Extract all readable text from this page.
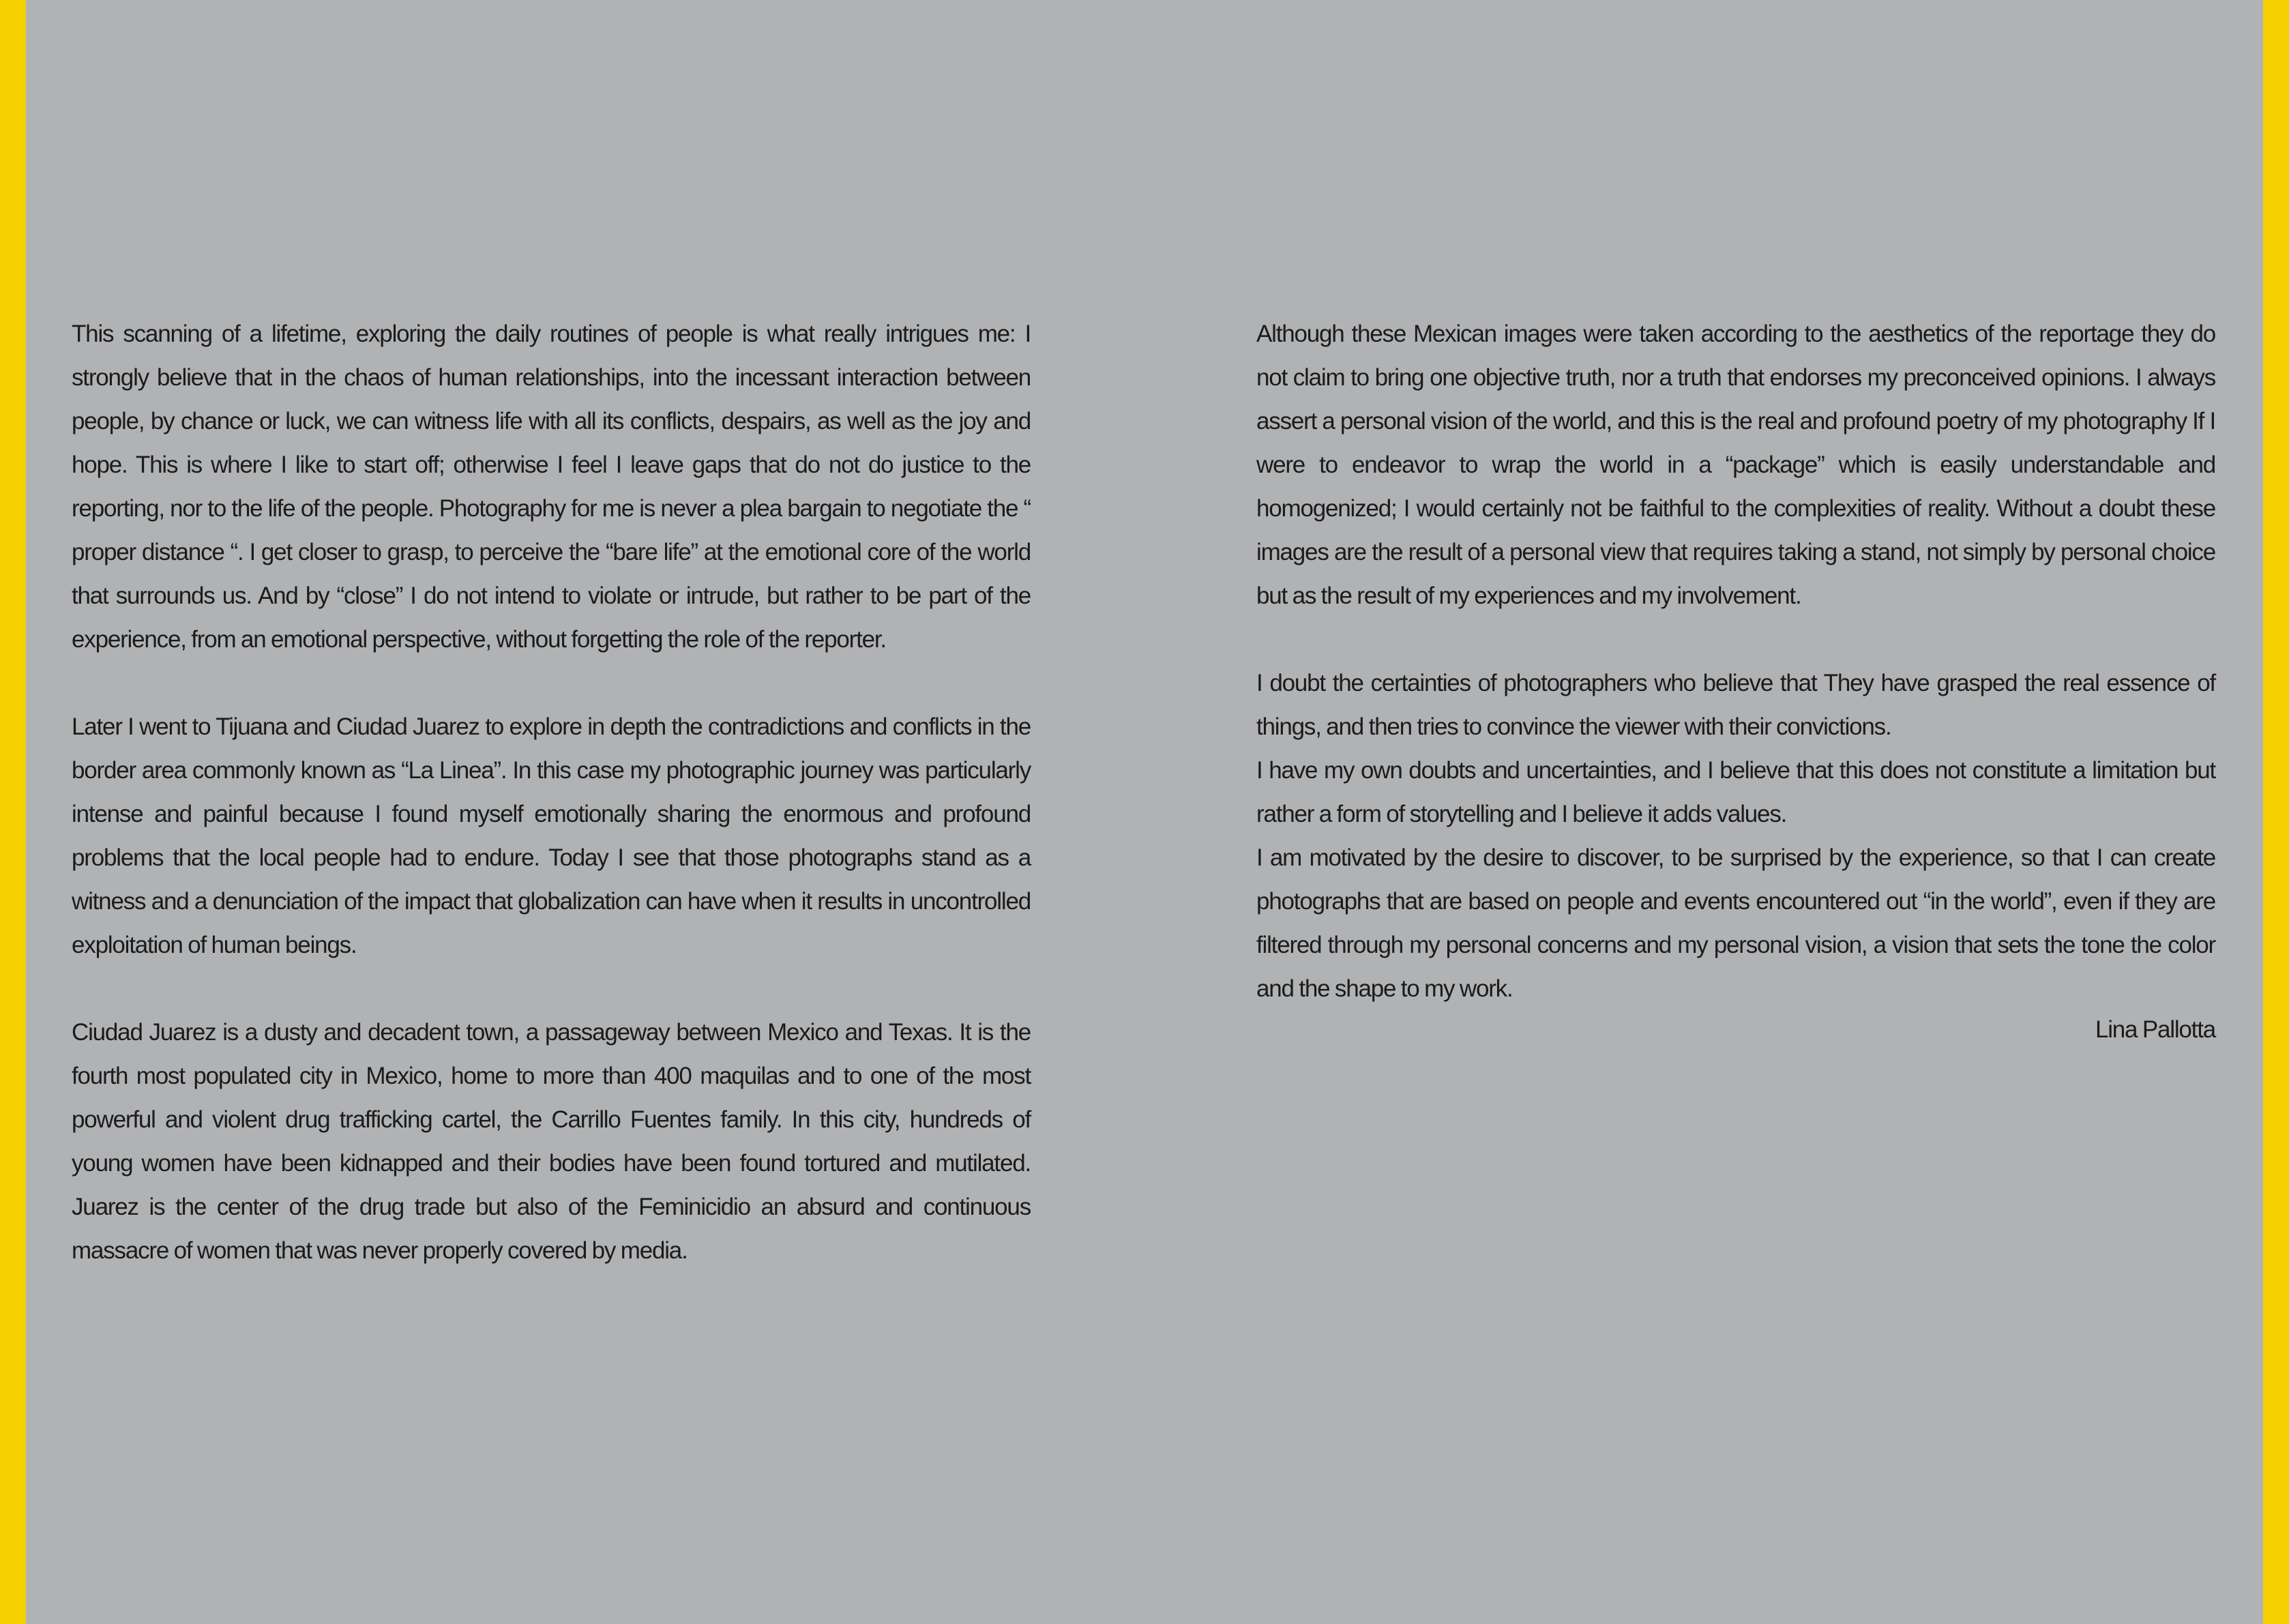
This scanning of a lifetime, exploring the daily routines of people is what really intrigues me: I strongly believe that in the chaos of human relationships, into the incessant interaction between people, by chance or luck, we can witness life with all its conflicts, despairs, as well as the joy and hope. This is where I like to start off; otherwise I feel I leave gaps that do not do justice to the reporting, nor to the life of the people. Photography for me is never a plea bargain to negotiate the “ proper distance “. I get closer to grasp, to perceive the “bare life” at the emotional core of the world that surrounds us. And by “close” I do not intend to violate or intrude, but rather to be part of the experience, from an emotional perspective, without forgetting the role of the reporter.

Later I went to Tijuana and Ciudad Juarez to explore in depth the contradictions and conflicts in the border area commonly known as “La Linea”. In this case my photographic journey was particularly intense and painful because I found myself emotionally sharing the enormous and profound problems that the local people had to endure. Today I see that those photographs stand as a witness and a denunciation of the impact that globalization can have when it results in uncontrolled exploitation of human beings.

Ciudad Juarez is a dusty and decadent town, a passageway between Mexico and Texas. It is the fourth most populated city in Mexico, home to more than 400 maquilas and to one of the most powerful and violent drug trafficking cartel, the Carrillo Fuentes family. In this city, hundreds of young women have been kidnapped and their bodies have been found tortured and mutilated. Juarez is the center of the drug trade but also of the Feminicidio an absurd and continuous massacre of women that was never properly covered by media.

Although these Mexican images were taken according to the aesthetics of the reportage they do not claim to bring one objective truth, nor a truth that endorses my preconceived opinions. I always assert a personal vision of the world, and this is the real and profound poetry of my photography If I were to endeavor to wrap the world in a “package” which is easily understandable and homogenized; I would certainly not be faithful to the complexities of reality. Without a doubt these images are the result of a personal view that requires taking a stand, not simply by personal choice but as the result of my experiences and my involvement.

I doubt the certainties of photographers who believe that They have grasped the real essence of things, and then tries to convince the viewer with their convictions.

I have my own doubts and uncertainties, and I believe that this does not constitute a limitation but rather a form of storytelling and I believe it adds values.

I am motivated by the desire to discover, to be surprised by the experience, so that I can create photographs that are based on people and events encountered out “in the world”, even if they are filtered through my personal concerns and my personal vision, a vision that sets the tone the color and the shape to my work.

Lina Pallotta
